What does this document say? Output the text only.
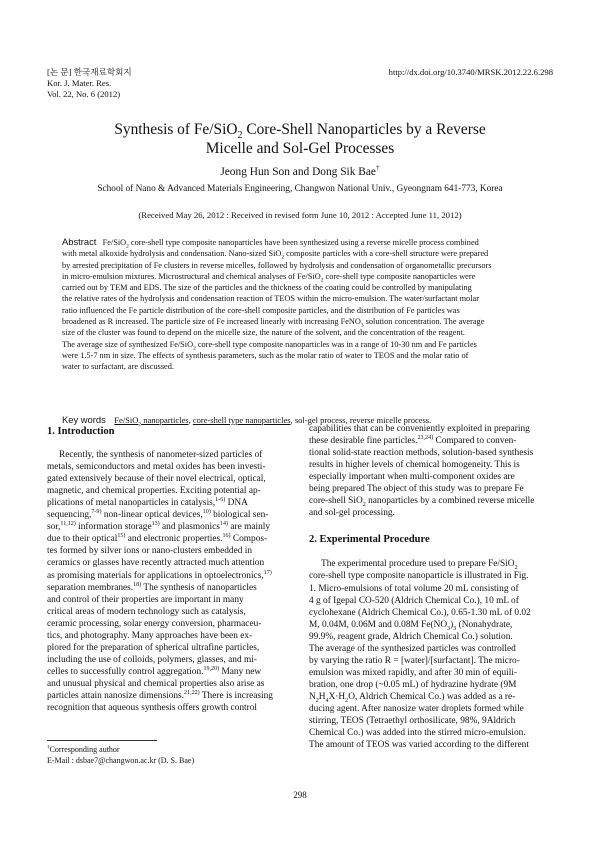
[논 문] 한국재료학회지
Kor. J. Mater. Res.
Vol. 22, No. 6 (2012)
http://dx.doi.org/10.3740/MRSK.2012.22.6.298
Synthesis of Fe/SiO$_2$ Core-Shell Nanoparticles by a Reverse
Micelle and Sol-Gel Processes
Jeong Hun Son and Dong Sik Bae†
School of Nano & Advanced Materials Engineering, Changwon National Univ., Gyeongnam 641-773, Korea
(Received May 26, 2012 : Received in revised form June 10, 2012 : Accepted June 11, 2012)
Abstract Fe/SiO$_2$ core-shell type composite nanoparticles have been synthesized using a reverse micelle process combined
with metal alkoxide hydrolysis and condensation. Nano-sized SiO$_2$ composite particles with a core-shell structure were prepared
by arrested precipitation of Fe clusters in reverse micelles, followed by hydrolysis and condensation of organometallic precursors
in micro-emulsion mixtures. Microstructural and chemical analyses of Fe/SiO$_2$ core-shell type composite nanoparticles were
carried out by TEM and EDS. The size of the particles and the thickness of the coating could be controlled by manipulating
the relative rates of the hydrolysis and condensation reaction of TEOS within the micro-emulsion. The water/surfactant molar
ratio influenced the Fe particle distribution of the core-shell composite particles, and the distribution of Fe particles was
broadened as R increased. The particle size of Fe increased linearly with increasing FeNO$_3$ solution concentration. The average
size of the cluster was found to depend on the micelle size, the nature of the solvent, and the concentration of the reagent.
The average size of synthesized Fe/SiO$_2$ core-shell type composite nanoparticles was in a range of 10-30 nm and Fe particles
were 1.5-7 nm in size. The effects of synthesis parameters, such as the molar ratio of water to TEOS and the molar ratio of
water to surfactant, are discussed.
Key words Fe/SiO$_2$ nanoparticles, core-shell type nanoparticles, sol-gel process, reverse micelle process.
1. Introduction
Recently, the synthesis of nanometer-sized particles of
metals, semiconductors and metal oxides has been investi-
gated extensively because of their novel electrical, optical,
magnetic, and chemical properties. Exciting potential ap-
plications of metal nanoparticles in catalysis,$^{1-6)}$ DNA
sequencing,$^{7-9)}$ non-linear optical devices,$^{10)}$ biological sen-
sor,$^{11,12)}$ information storage$^{13)}$ and plasmonics$^{14)}$ are mainly
due to their optical$^{15)}$ and electronic properties.$^{16)}$ Compos-
tes formed by silver ions or nano-clusters embedded in
ceramics or glasses have recently attracted much attention
as promising materials for applications in optoelectronics,$^{17)}$
separation membranes.$^{18)}$ The synthesis of nanoparticles
and control of their properties are important in many
critical areas of modern technology such as catalysis,
ceramic processing, solar energy conversion, pharmaceu-
tics, and photography. Many approaches have been ex-
plored for the preparation of spherical ultrafine particles,
including the use of colloids, polymers, glasses, and mi-
celles to successfully control aggregation.$^{19,20)}$ Many new
and unusual physical and chemical properties also arise as
particles attain nanosize dimensions.$^{21,22)}$ There is increasing
recognition that aqueous synthesis offers growth control
†Corresponding author
E-Mail : dsbae7@changwon.ac.kr (D. S. Bae)
capabilities that can be conveniently exploited in preparing
these desirable fine particles.$^{23,24)}$ Compared to conven-
tional solid-state reaction methods, solution-based synthesis
results in higher levels of chemical homogeneity. This is
especially important when multi-component oxides are
being prepared The object of this study was to prepare Fe
core-shell SiO$_2$ nanoparticles by a combined reverse micelle
and sol-gel processing.
2. Experimental Procedure
The experimental procedure used to prepare Fe/SiO$_2$
core-shell type composite nanoparticle is illustrated in Fig.
1. Micro-emulsions of total volume 20 mL consisting of
4 g of Igepal CO-520 (Aldrich Chemical Co.), 10 mL of
cyclohexane (Aldrich Chemical Co.), 0.65-1.30 mL of 0.02
M, 0.04M, 0.06M and 0.08M $Fe(NO_3)_3$ (Nonahydrate,
99.9%, reagent grade, Aldrich Chemical Co.) solution.
The average of the synthesized particles was controlled
by varying the ratio R = [water]/[surfactant]. The micro-
emulsion was mixed rapidly, and after 30 min of equili-
bration, one drop (~0.05 mL) of hydrazine hydrate (9M
$N_2H_4X\cdot H_2O$, Aldrich Chemical Co.) was added as a re-
ducing agent. After nanosize water droplets formed while
stirring, TEOS (Tetraethyl orthosilicate, 98%, 9Aldrich
Chemical Co.) was added into the stirred micro-emulsion.
The amount of TEOS was varied according to the different
298
